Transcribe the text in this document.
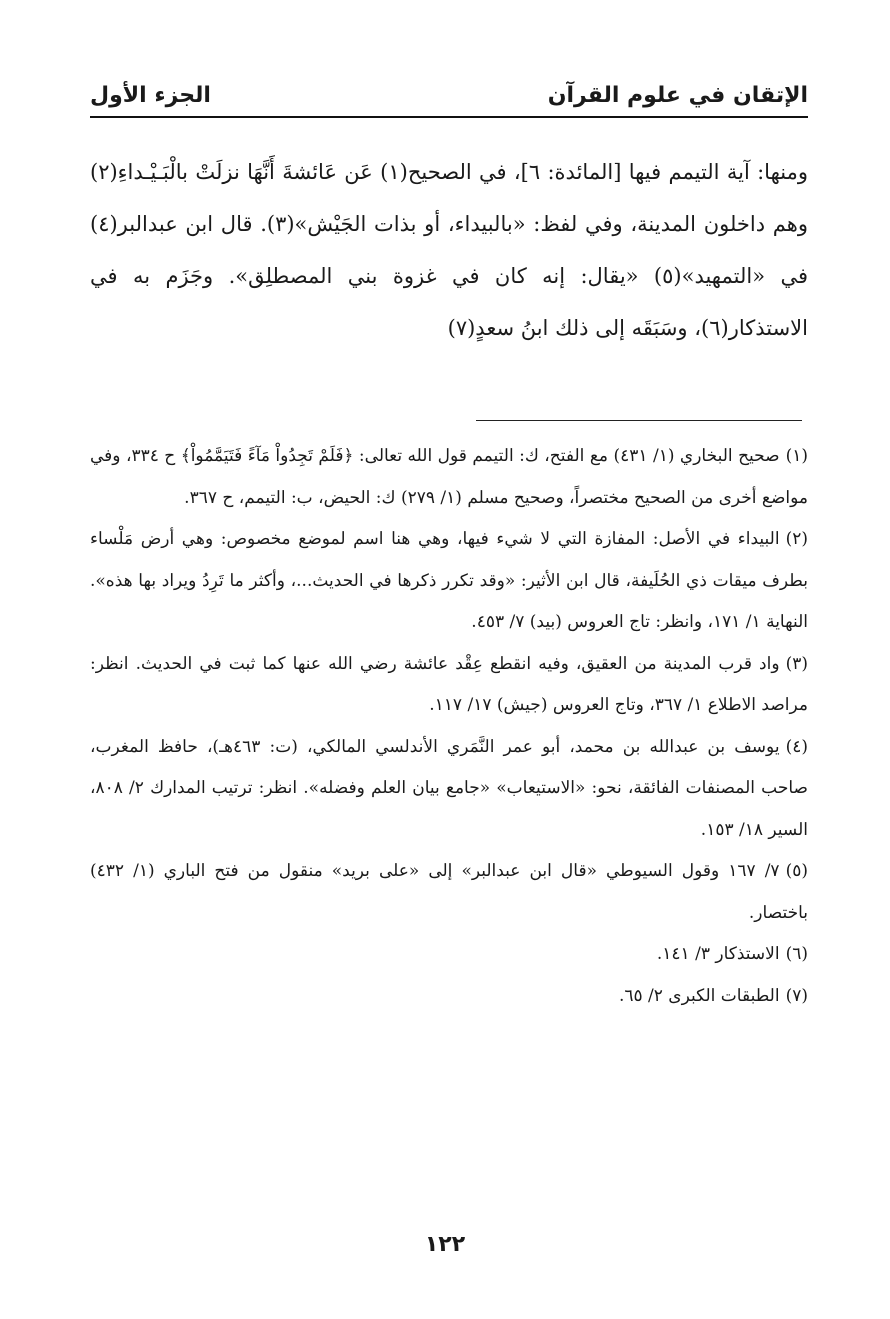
الإتقان في علوم القرآن
الجزء الأول

ومنها: آية التيمم فيها [المائدة: ٦]، في الصحيح(١) عَن عَائشةَ أَنَّهَا نزلَتْ بالْبَـيْـداءِ(٢) وهم داخلون المدينة، وفي لفظ: «بالبيداء، أو بذات الجَيْش»(٣). قال ابن عبدالبر(٤) في «التمهيد»(٥) «يقال: إنه كان في غزوة بني المصطلِق». وجَزَم به في الاستذكار(٦)، وسَبَقَه إلى ذلك ابنُ سعدٍ(٧)

(١)صحيح البخاري (١/ ٤٣١) مع الفتح، ك: التيمم قول الله تعالى: ﴿فَلَمْ تَجِدُواْ مَآءً فَتَيَمَّمُواْ﴾ ح ٣٣٤، وفي مواضع أخرى من الصحيح مختصراً، وصحيح مسلم (١/ ٢٧٩) ك: الحيض، ب: التيمم، ح ٣٦٧.
(٢)البيداء في الأصل: المفازة التي لا شيء فيها، وهي هنا اسم لموضع مخصوص: وهي أرض مَلْساء بطرف ميقات ذي الحُلَيفة، قال ابن الأثير: «وقد تكرر ذكرها في الحديث...، وأكثر ما تَرِدُ ويراد بها هذه». النهاية ١/ ١٧١، وانظر: تاج العروس (بيد) ٧/ ٤٥٣.
(٣)واد قرب المدينة من العقيق، وفيه انقطع عِقْد عائشة رضي الله عنها كما ثبت في الحديث. انظر: مراصد الاطلاع ١/ ٣٦٧، وتاج العروس (جيش) ١٧/ ١١٧.
(٤)يوسف بن عبدالله بن محمد، أبو عمر النَّمَري الأندلسي المالكي، (ت: ٤٦٣هـ)، حافظ المغرب، صاحب المصنفات الفائقة، نحو: «الاستيعاب» «جامع بيان العلم وفضله». انظر: ترتيب المدارك ٢/ ٨٠٨، السير ١٨/ ١٥٣.
(٥)٧/ ١٦٧ وقول السيوطي «قال ابن عبدالبر» إلى «على بريد» منقول من فتح الباري (١/ ٤٣٢) باختصار.
(٦)الاستذكار ٣/ ١٤١.
(٧)الطبقات الكبرى ٢/ ٦٥.
١٢٢
